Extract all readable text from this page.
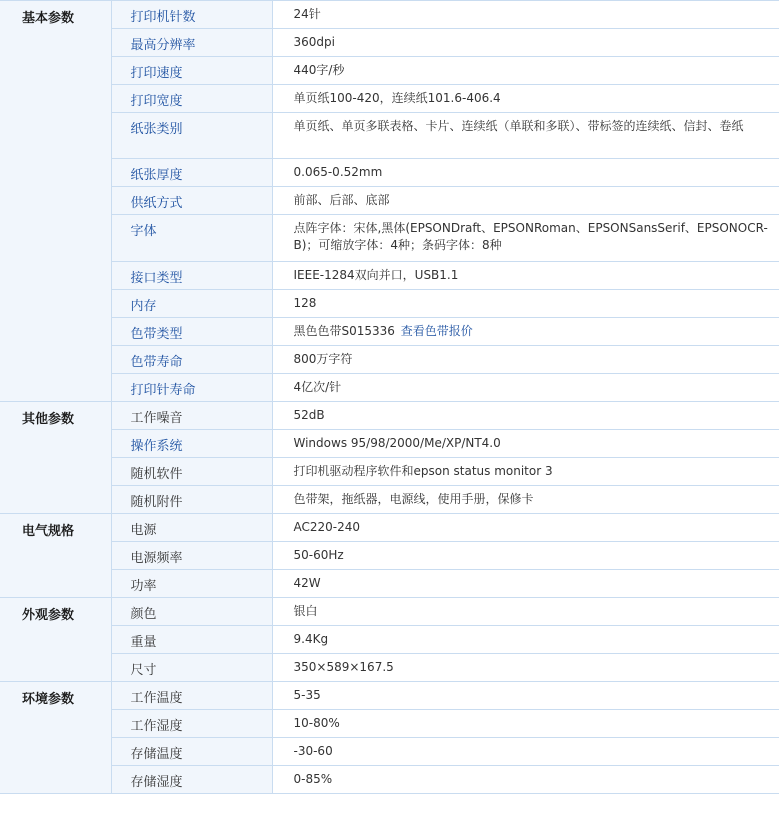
基本参数	打印机针数	24针
	最高分辨率	360dpi
	打印速度	440字/秒
	打印宽度	单页纸100-420，连续纸101.6-406.4
	纸张类别	单页纸、单页多联表格、卡片、连续纸（单联和多联）、带标签的连续纸、信封、卷纸
	纸张厚度	0.065-0.52mm
	供纸方式	前部、后部、底部
	字体	点阵字体：宋体,黑体(EPSONDraft、EPSONRoman、EPSONSansSerif、EPSONOCR-B)；可缩放字体：4种；条码字体：8种
	接口类型	IEEE-1284双向并口，USB1.1
	内存	128
	色带类型	黑色色带S015336 查看色带报价
	色带寿命	800万字符
	打印针寿命	4亿次/针
其他参数	工作噪音	52dB
	操作系统	Windows 95/98/2000/Me/XP/NT4.0
	随机软件	打印机驱动程序软件和epson status monitor 3
	随机附件	色带架，拖纸器，电源线，使用手册，保修卡
电气规格	电源	AC220-240
	电源频率	50-60Hz
	功率	42W
外观参数	颜色	银白
	重量	9.4Kg
	尺寸	350×589×167.5
环境参数	工作温度	5-35
	工作湿度	10-80%
	存储温度	-30-60
	存储湿度	0-85%
